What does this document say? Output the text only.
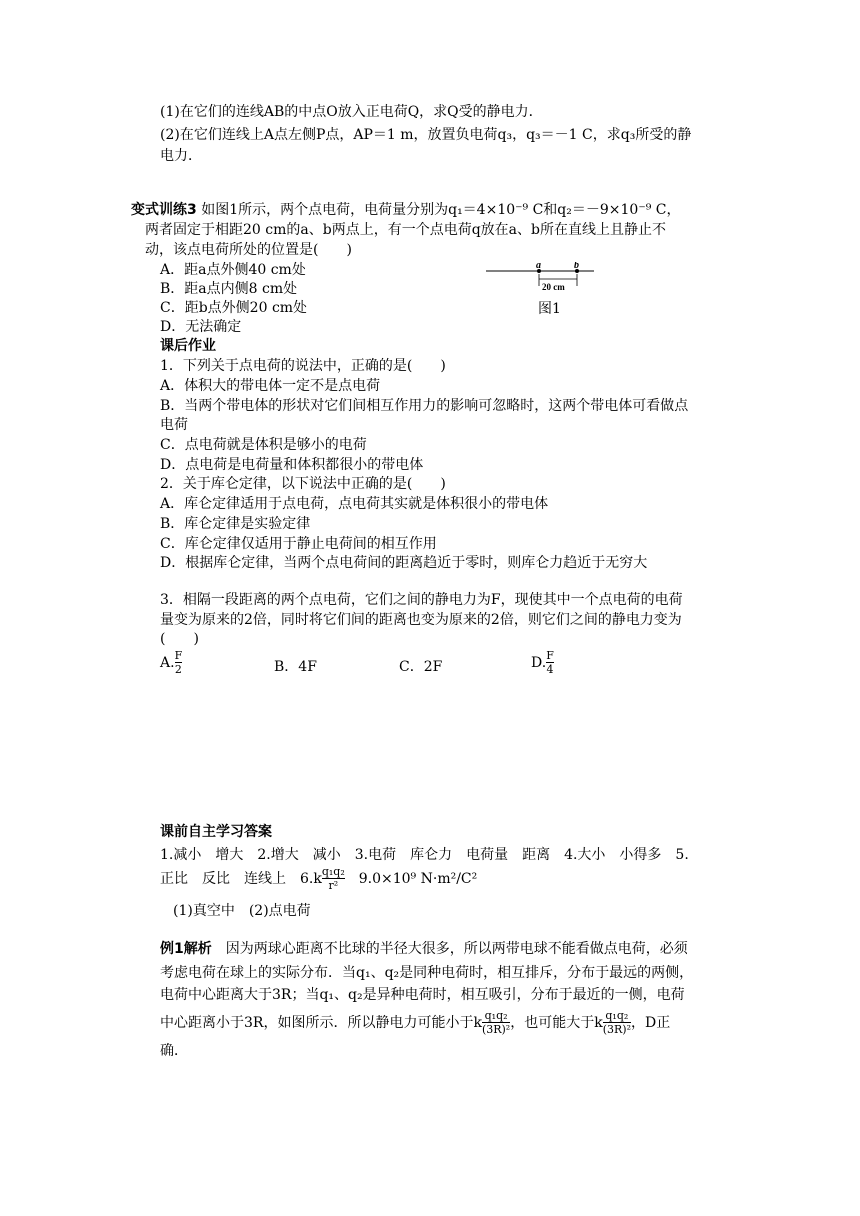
(1)在它们的连线AB的中点O放入正电荷Q，求Q受的静电力．
(2)在它们连线上A点左侧P点，AP＝1 m，放置负电荷q₃，q₃＝－1 C，求q₃所受的静
电力．
变式训练3 如图1所示，两个点电荷，电荷量分别为q₁＝4×10⁻⁹ C和q₂＝－9×10⁻⁹ C，
两者固定于相距20 cm的a、b两点上，有一个点电荷q放在a、b所在直线上且静止不
动，该点电荷所处的位置是(　　)
A．距a点外侧40 cm处
B．距a点内侧8 cm处
C．距b点外侧20 cm处
D．无法确定
a	b
20 cm
图1
课后作业
1．下列关于点电荷的说法中，正确的是(　　)
A．体积大的带电体一定不是点电荷
B．当两个带电体的形状对它们间相互作用力的影响可忽略时，这两个带电体可看做点
电荷
C．点电荷就是体积是够小的电荷
D．点电荷是电荷量和体积都很小的带电体
2．关于库仑定律，以下说法中正确的是(　　)
A．库仑定律适用于点电荷，点电荷其实就是体积很小的带电体
B．库仑定律是实验定律
C．库仑定律仅适用于静止电荷间的相互作用
D．根据库仑定律，当两个点电荷间的距离趋近于零时，则库仑力趋近于无穷大
3．相隔一段距离的两个点电荷，它们之间的静电力为F，现使其中一个点电荷的电荷
量变为原来的2倍，同时将它们间的距离也变为原来的2倍，则它们之间的静电力变为
(　　)
A. $\frac{F}{2}$	B．4F	C．2F	D. $\frac{F}{4}$
课前自主学习答案
1.减小　增大　2.增大　减小　3.电荷　库仑力　电荷量　距离　4.大小　小得多　5.
正比　反比　连线上　$6.k \frac{\text{q₁q₂}}{\text{r²}}$ 　9.0×10⁹ N·m²/C²
(1)真空中　(2)点电荷
例1解析　 因为两球心距离不比球的半径大很多，所以两带电球不能看做点电荷，必须
考虑电荷在球上的实际分布．当q₁、q₂是同种电荷时，相互排斥，分布于最远的两侧，
电荷中心距离大于3R；当q₁、q₂是异种电荷时，相互吸引，分布于最近的一侧，电荷
中心距离小于3R，如图所示．所以静电力可能小于k $\frac{\text{q₁q₂}}{\text{(3R)²}}$ ，也可能大于k $\frac{\text{q₁q₂}}{\text{(3R)²}}$ ，D正
确．
